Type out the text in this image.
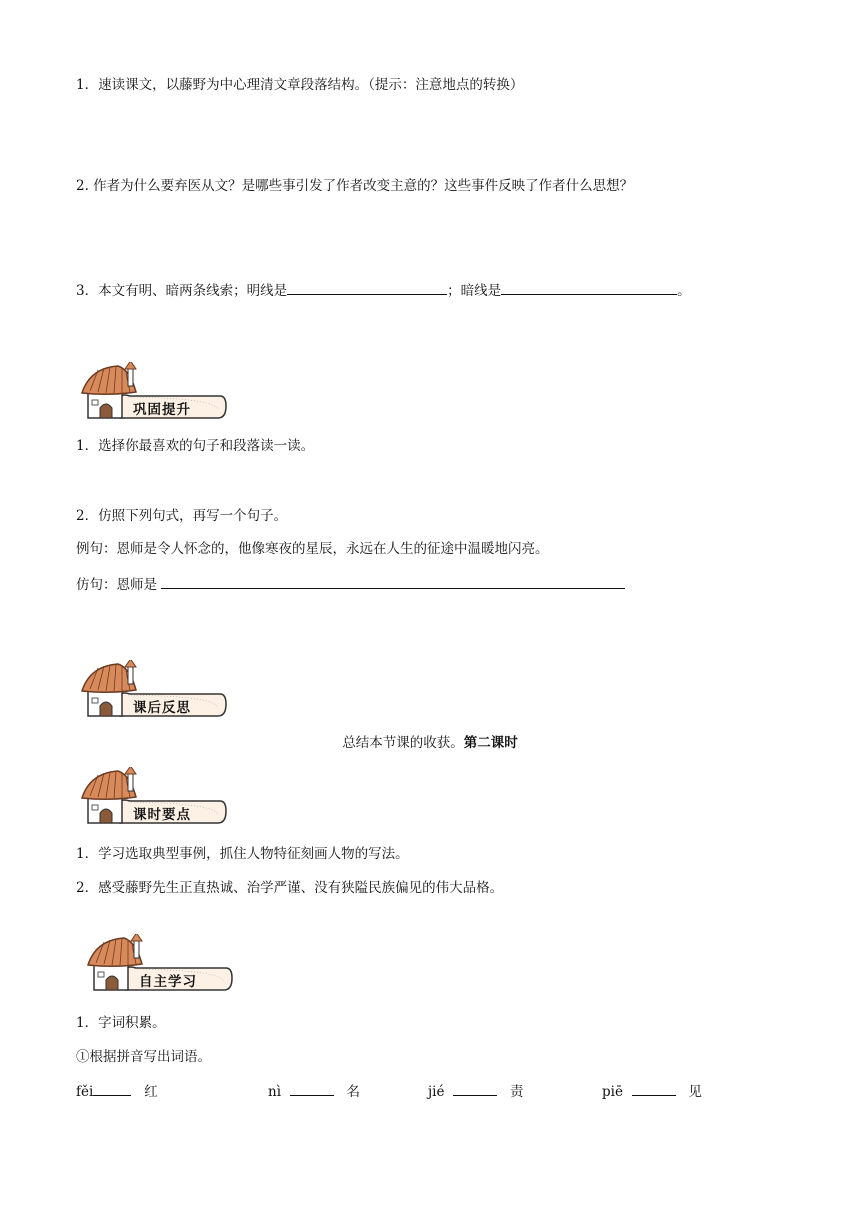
1．速读课文，以藤野为中心理清文章段落结构。（提示：注意地点的转换）
2. 作者为什么要弃医从文？是哪些事引发了作者改变主意的？这些事件反映了作者什么思想？
3．本文有明、暗两条线索；明线是	；暗线是	。
巩固提升
1．选择你最喜欢的句子和段落读一读。
2．仿照下列句式，再写一个句子。
例句：恩师是令人怀念的，他像寒夜的星辰，永远在人生的征途中温暖地闪亮。
仿句：恩师是
课后反思
总结本节课的收获。第二课时
课时要点
1．学习选取典型事例，抓住人物特征刻画人物的写法。
2．感受藤野先生正直热诚、治学严谨、没有狭隘民族偏见的伟大品格。
自主学习
1．字词积累。
①根据拼音写出词语。
fěi	红	nì	名	jié	责	piē	见
